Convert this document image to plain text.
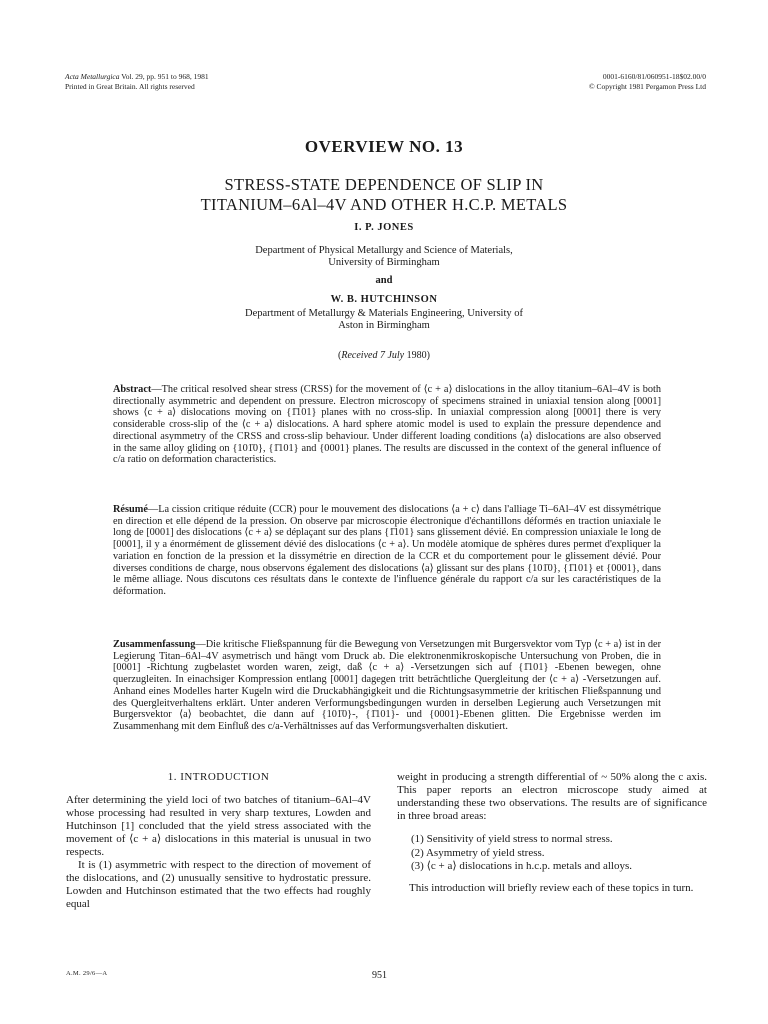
Acta Metallurgica Vol. 29, pp. 951 to 968, 1981
Printed in Great Britain. All rights reserved
0001-6160/81/060951-18$02.00/0
© Copyright 1981 Pergamon Press Ltd
OVERVIEW NO. 13
STRESS-STATE DEPENDENCE OF SLIP IN
TITANIUM–6Al–4V AND OTHER H.C.P. METALS
I. P. JONES
Department of Physical Metallurgy and Science of Materials,
University of Birmingham
and
W. B. HUTCHINSON
Department of Metallurgy & Materials Engineering, University of
Aston in Birmingham
(Received 7 July 1980)
Abstract—The critical resolved shear stress (CRSS) for the movement of ⟨c + a⟩ dislocations in the alloy titanium–6Al–4V is both directionally asymmetric and dependent on pressure. Electron microscopy of specimens strained in uniaxial tension along [0001] shows ⟨c + a⟩ dislocations moving on {1̄101} planes with no cross-slip. In uniaxial compression along [0001] there is very considerable cross-slip of the ⟨c + a⟩ dislocations. A hard sphere atomic model is used to explain the pressure dependence and directional asymmetry of the CRSS and cross-slip behaviour. Under different loading conditions ⟨a⟩ dislocations are also observed in the same alloy gliding on {101̄0}, {1̄101} and {0001} planes. The results are discussed in the context of the general influence of c/a ratio on deformation characteristics.
Résumé—La cission critique réduite (CCR) pour le mouvement des dislocations ⟨a + c⟩ dans l'alliage Ti–6Al–4V est dissymétrique en direction et elle dépend de la pression. On observe par microscopie électronique d'échantillons déformés en traction uniaxiale le long de [0001] des dislocations ⟨c + a⟩ se déplaçant sur des plans {1̄101} sans glissement dévié. En compression uniaxiale le long de [0001], il y a énormément de glissement dévié des dislocations ⟨c + a⟩. Un modèle atomique de sphères dures permet d'expliquer la variation en fonction de la pression et la dissymétrie en direction de la CCR et du comportement pour le glissement dévié. Pour diverses conditions de charge, nous observons également des dislocations ⟨a⟩ glissant sur des plans {101̄0}, {1̄101} et {0001}, dans le même alliage. Nous discutons ces résultats dans le contexte de l'influence générale du rapport c/a sur les caractéristiques de la déformation.
Zusammenfassung—Die kritische Fließspannung für die Bewegung von Versetzungen mit Burgersvektor vom Typ ⟨c + a⟩ ist in der Legierung Titan–6Al–4V asymetrisch und hängt vom Druck ab. Die elektronenmikroskopische Untersuchung von Proben, die in [0001] -Richtung zugbelastet worden waren, zeigt, daß ⟨c + a⟩ -Versetzungen sich auf {1̄101} -Ebenen bewegen, ohne querzugleiten. In einachsiger Kompression entlang [0001] dagegen tritt beträchtliche Quergleitung der ⟨c + a⟩ -Versetzungen auf. Anhand eines Modelles harter Kugeln wird die Druckabhängigkeit und die Richtungsasymmetrie der kritischen Fließspannung und des Quergleitverhaltens erklärt. Unter anderen Verformungsbedingungen wurden in derselben Legierung auch Versetzungen mit Burgersvektor ⟨a⟩ beobachtet, die dann auf {101̄0}-, {1̄101}- und {0001}-Ebenen glitten. Die Ergebnisse werden im Zusammenhang mit dem Einfluß des c/a-Verhältnisses auf das Verformungsverhalten diskutiert.
1. INTRODUCTION

After determining the yield loci of two batches of titanium–6Al–4V whose processing had resulted in very sharp textures, Lowden and Hutchinson [1] concluded that the yield stress associated with the movement of ⟨c + a⟩ dislocations in this material is unusual in two respects.

It is (1) asymmetric with respect to the direction of movement of the dislocations, and (2) unusually sensitive to hydrostatic pressure. Lowden and Hutchinson estimated that the two effects had roughly equal

weight in producing a strength differential of ~ 50% along the c axis. This paper reports an electron microscope study aimed at understanding these two observations. The results are of significance in three broad areas:

(1) Sensitivity of yield stress to normal stress.
(2) Asymmetry of yield stress.
(3) ⟨c + a⟩ dislocations in h.c.p. metals and alloys.

This introduction will briefly review each of these topics in turn.

A.M. 29/6—A	951
